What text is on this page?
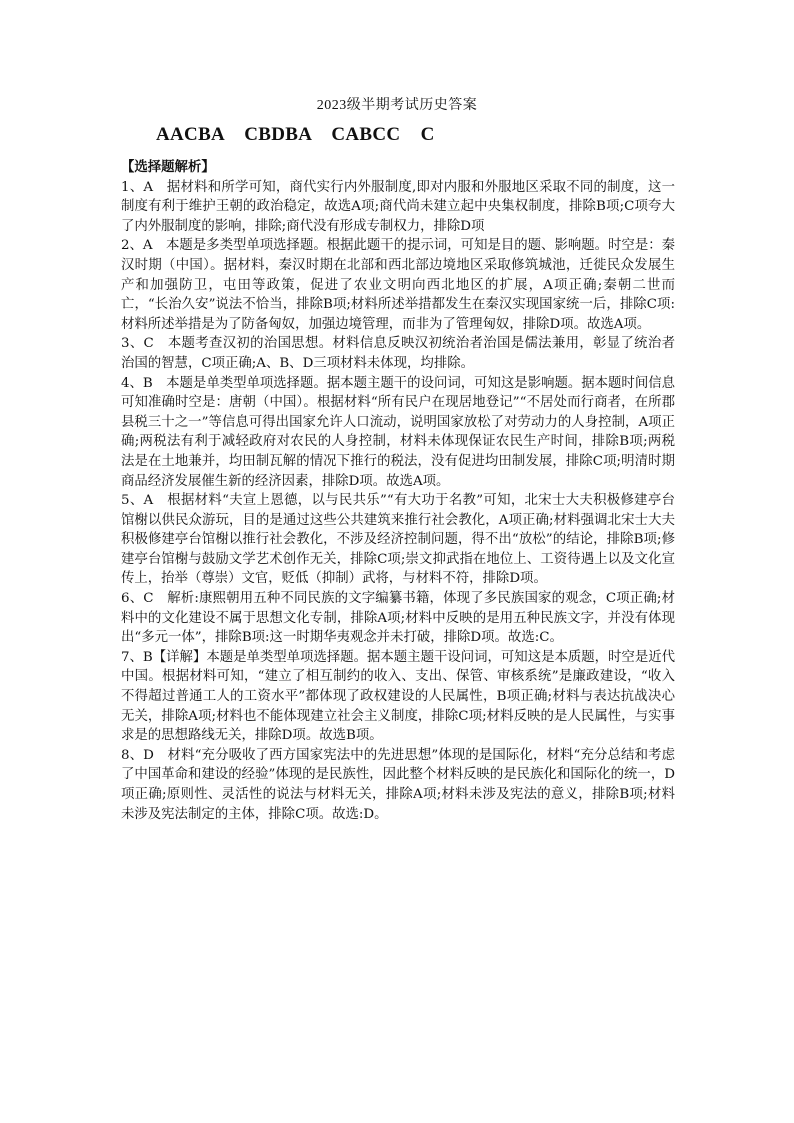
2023级半期考试历史答案
AACBA    CBDBA    CABCC    C

【选择题解析】

1、A　据材料和所学可知，商代实行内外服制度,即对内服和外服地区采取不同的制度，这一制度有利于维护王朝的政治稳定，故选A项;商代尚未建立起中央集权制度，排除B项;C项夸大了内外服制度的影响，排除;商代没有形成专制权力，排除D项

2、A　本题是多类型单项选择题。根据此题干的提示词，可知是目的题、影响题。时空是：秦汉时期（中国）。据材料，秦汉时期在北部和西北部边境地区采取修筑城池，迁徙民众发展生产和加强防卫，屯田等政策，促进了农业文明向西北地区的扩展，A项正确;秦朝二世而亡，“长治久安”说法不恰当，排除B项;材料所述举措都发生在秦汉实现国家统一后，排除C项:材料所述举措是为了防备匈奴，加强边境管理，而非为了管理匈奴，排除D项。故选A项。

3、C　本题考查汉初的治国思想。材料信息反映汉初统治者治国是儒法兼用，彰显了统治者治国的智慧，C项正确;A、B、D三项材料未体现，均排除。

4、B　本题是单类型单项选择题。据本题主题干的设问词，可知这是影响题。据本题时间信息可知准确时空是：唐朝（中国）。根据材料“所有民户在现居地登记”“不居处而行商者，在所郡县税三十之一”等信息可得出国家允许人口流动，说明国家放松了对劳动力的人身控制，A项正确;两税法有利于减轻政府对农民的人身控制，材料未体现保证农民生产时间，排除B项;两税法是在土地兼并，均田制瓦解的情况下推行的税法，没有促进均田制发展，排除C项;明清时期商品经济发展催生新的经济因素，排除D项。故选A项。

5、A　根据材料“夫宣上恩德，以与民共乐”“有大功于名教”可知，北宋士大夫积极修建亭台馆榭以供民众游玩，目的是通过这些公共建筑来推行社会教化，A项正确;材料强调北宋士大夫积极修建亭台馆榭以推行社会教化，不涉及经济控制问题，得不出“放松”的结论，排除B项;修建亭台馆榭与鼓励文学艺术创作无关，排除C项;崇文抑武指在地位上、工资待遇上以及文化宣传上，抬举（尊崇）文官，贬低（抑制）武将，与材料不符，排除D项。

6、C　解析:康熙朝用五种不同民族的文字编纂书籍，体现了多民族国家的观念，C项正确;材料中的文化建设不属于思想文化专制，排除A项;材料中反映的是用五种民族文字，并没有体现出“多元一体”，排除B项:这一时期华夷观念并未打破，排除D项。故选:C。

7、B【详解】本题是单类型单项选择题。据本题主题干设问词，可知这是本质题，时空是近代中国。根据材料可知，“建立了相互制约的收入、支出、保管、审核系统”是廉政建设，“收入不得超过普通工人的工资水平”都体现了政权建设的人民属性，B项正确;材料与表达抗战决心无关，排除A项;材料也不能体现建立社会主义制度，排除C项;材料反映的是人民属性，与实事求是的思想路线无关，排除D项。故选B项。

8、D　材料“充分吸收了西方国家宪法中的先进思想”体现的是国际化，材料“充分总结和考虑了中国革命和建设的经验”体现的是民族性，因此整个材料反映的是民族化和国际化的统一，D项正确;原则性、灵活性的说法与材料无关，排除A项;材料未涉及宪法的意义，排除B项;材料未涉及宪法制定的主体，排除C项。故选:D。
